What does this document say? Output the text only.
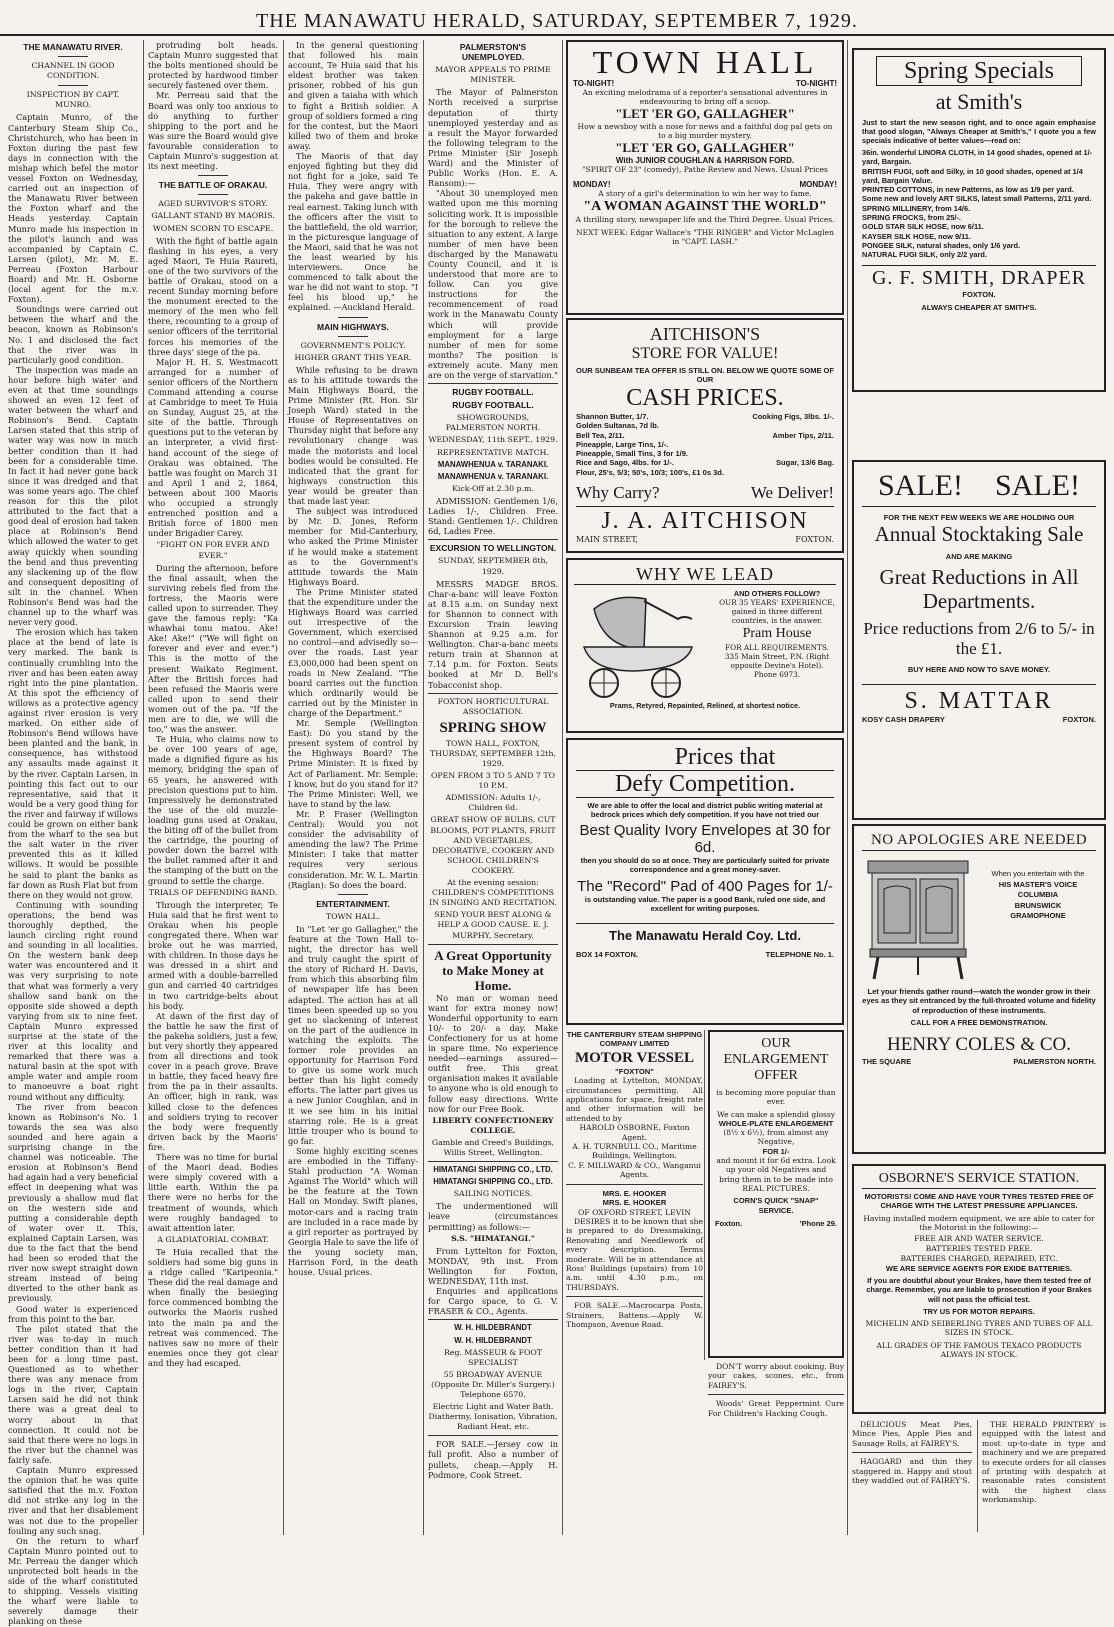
THE MANAWATU HERALD, SATURDAY, SEPTEMBER 7, 1929.
THE MANAWATU RIVER.
CHANNEL IN GOOD CONDITION.
INSPECTION BY CAPT. MUNRO.

Captain Munro, of the Canterbury Steam Ship Co., Christchurch, who has been in Foxton during the past few days in connection with the mishap which befel the motor vessel Foxton on Wednesday, carried out an inspection of the Manawatu River between the Foxton wharf and the Heads yesterday. Captain Munro made his inspection in the pilot's launch and was accompanied by Captain C. Larsen (pilot), Mr. M. E. Perreau (Foxton Harbour Board) and Mr. H. Osborne (local agent for the m.v. Foxton).

Soundings were carried out between the wharf and the beacon, known as Robinson's No. 1 and disclosed the fact that the river was in particularly good condition.

The inspection was made an hour before high water and even at that time soundings showed an even 12 feet of water between the wharf and Robinson's Bend. Captain Larsen stated that this strip of water way was now in much better condition than it had been for a considerable time. In fact it had never gone back since it was dredged and that was some years ago. The chief reason for this the pilot attributed to the fact that a good deal of erosion had taken place at Robinson's Bend which allowed the water to get away quickly when sounding the bend and thus preventing any slackening up of the flow and consequent depositing of silt in the channel. When Robinson's Bend was had the channel up to the wharf was never very good.

The erosion which has taken place at the bend of late is very marked. The bank is continually crumbling into the river and has been eaten away right into the pine plantation. At this spot the efficiency of willows as a protective agency against river erosion is very marked. On either side of Robinson's Bend willows have been planted and the bank, in consequence, has withstood any assaults made against it by the river. Captain Larsen, in pointing this fact out to our representative, said that it would be a very good thing for the river and fairway if willows could be grown on either bank from the wharf to the sea but the salt water in the river prevented this as it killed willows. It would be possible he said to plant the banks as far down as Rush Flat but from there on they would not grow.

Continuing with sounding operations, the bend was thoroughly depthed, the launch circling right round and sounding in all localities. On the western bank deep water was encountered and it was very surprising to note that what was formerly a very shallow sand bank on the opposite side showed a depth varying from six to nine feet. Captain Munro expressed surprise at the state of the river at this locality and remarked that there was a natural basin at the spot with ample water and ample room to manoeuvre a boat right round without any difficulty.

The river from beacon known as Robinson's No. 1 towards the sea was also sounded and here again a surprising change in the channel was noticeable. The erosion at Robinson's Bend had again had a very beneficial effect in deepening what was previously a shallow mud flat on the western side and putting a considerable depth of water over it. This, explained Captain Larsen, was due to the fact that the bend had been so eroded that the river now swept straight down stream instead of being diverted to the other bank as previously.

Good water is experienced from this point to the bar.

The pilot stated that the river was to-day in much better condition than it had been for a long time past. Questioned as to whether there was any menace from logs in the river, Captain Larsen said he did not think there was a great deal to worry about in that connection. It could not be said that there were no logs in the river but the channel was fairly safe.

Captain Munro expressed the opinion that he was quite satisfied that the m.v. Foxton did not strike any log in the river and that her disablement was not due to the propeller fouling any such snag.

On the return to wharf Captain Munro pointed out to Mr. Perreau the danger which unprotected bolt heads in the side of the wharf constituted to shipping. Vessels visiting the wharf were liable to severely damage their planking on these

protruding bolt heads. Captain Munro suggested that the bolts mentioned should be protected by hardwood timber securely fastened over them.

Mr. Perreau said that the Board was only too anxious to do anything to further shipping to the port and he was sure the Board would give favourable consideration to Captain Munro's suggestion at its next meeting.

THE BATTLE OF ORAKAU.
AGED SURVIVOR'S STORY.
GALLANT STAND BY MAORIS.
WOMEN SCORN TO ESCAPE.

With the fight of battle again flashing in his eyes, a very aged Maori, Te Huia Raureti, one of the two survivors of the battle of Orakau, stood on a recent Sunday morning before the monument erected to the memory of the men who fell there, recounting to a group of senior officers of the territorial forces his memories of the three days' siege of the pa.

Major H. H. S. Westmacott arranged for a number of senior officers of the Northern Command attending a course at Cambridge to meet Te Huia on Sunday, August 25, at the site of the battle. Through questions put to the veteran by an interpreter, a vivid first-hand account of the siege of Orakau was obtained. The battle was fought on March 31 and April 1 and 2, 1864, between about 300 Maoris who occupied a strongly entrenched position and a British force of 1800 men under Brigadier Carey.

"FIGHT ON FOR EVER AND EVER."

During the afternoon, before the final assault, when the surviving rebels fled from the fortress, the Maoris were called upon to surrender. They gave the famous reply: "Ka whawhai tonu matou. Ake! Ake! Ake!" ("We will fight on forever and ever and ever.") This is the motto of the present Waikato Regiment. After the British forces had been refused the Maoris were called upon to send their women out of the pa. "If the men are to die, we will die too," was the answer.

Te Huia, who claims now to be over 100 years of age, made a dignified figure as his memory, bridging the span of 65 years, he answered with precision questions put to him. Impressively he demonstrated the use of the old muzzle-loading guns used at Orakau, the biting off of the bullet from the cartridge, the pouring of powder down the barrel with the bullet rammed after it and the stamping of the butt on the ground to settle the charge.

TRIALS OF DEFENDING BAND.

Through the interpreter, Te Huia said that he first went to Orakau when his people congregated there. When war broke out he was married, with children. In those days he was dressed in a shirt and armed with a double-barrelled gun and carried 40 cartridges in two cartridge-belts about his body.

At dawn of the first day of the battle he saw the first of the pakeha soldiers, just a few, but very shortly they appeared from all directions and took cover in a peach grove. Brave in battle, they faced heavy fire from the pa in their assaults. An officer, high in rank, was killed close to the defences and soldiers trying to recover the body were frequently driven back by the Maoris' fire.

There was no time for burial of the Maori dead. Bodies were simply covered with a little earth. Within the pa there were no herbs for the treatment of wounds, which were roughly bandaged to await attention later.

A GLADIATORIAL COMBAT.

Te Huia recalled that the soldiers had some big guns in a ridge called "Karipeonia." These did the real damage and when finally the besieging force commenced bombing the outworks the Maoris rushed into the main pa and the retreat was commenced. The natives saw no more of their enemies once they got clear and they had escaped.

In the general questioning that followed his main account, Te Huia said that his eldest brother was taken prisoner, robbed of his gun and given a taiaha with which to fight a British soldier. A group of soldiers formed a ring for the contest, but the Maori killed two of them and broke away.

The Maoris of that day enjoyed fighting but they did not fight for a joke, said Te Huia. They were angry with the pakeha and gave battle in real earnest. Taking lunch with the officers after the visit to the battlefield, the old warrior, in the picturesque language of the Maori, said that he was not the least wearied by his interviewers. Once he commenced to talk about the war he did not want to stop. "I feel his blood up," he explained. —Auckland Herald.

MAIN HIGHWAYS.
GOVERNMENT'S POLICY.
HIGHER GRANT THIS YEAR.

While refusing to be drawn as to his attitude towards the Main Highways Board, the Prime Minister (Rt. Hon. Sir Joseph Ward) stated in the House of Representatives on Thursday night that before any revolutionary change was made the motorists and local bodies would be consulted. He indicated that the grant for highways construction this year would be greater than that made last year.

The subject was introduced by Mr. D. Jones, Reform member for Mid-Canterbury, who asked the Prime Minister if he would make a statement as to the Government's attitude towards the Main Highways Board.

The Prime Minister stated that the expenditure under the Highways Board was carried out irrespective of the Government, which exercised no control—and advisedly so—over the roads. Last year £3,000,000 had been spent on roads in New Zealand. "The board carries out the function which ordinarily would be carried out by the Minister in charge of the Department."

Mr. Semple (Wellington East): Do you stand by the present system of control by the Highways Board? The Prime Minister: It is fixed by Act of Parliament. Mr. Semple: I know, but do you stand for it? The Prime Minister: Well, we have to stand by the law.

Mr. P. Fraser (Wellington Central): Would you not consider the advisability of amending the law? The Prime Minister: I take that matter requires very serious consideration. Mr. W. L. Martin (Raglan): So does the board.

ENTERTAINMENT.
TOWN HALL.

In "Let 'er go Gallagher," the feature at the Town Hall to-night, the director has well and truly caught the spirit of the story of Richard H. Davis, from which this absorbing film of newspaper life has been adapted. The action has at all times been speeded up so you get no slackening of interest on the part of the audience in watching the exploits. The former role provides an opportunity for Harrison Ford to give us some work much better than his light comedy efforts. The latter part gives us a new Junior Coughlan, and in it we see him in his initial starring role. He is a great little trouper who is bound to go far.

Some highly exciting scenes are embodied in the Tiffany-Stahl production "A Woman Against The World" which will be the feature at the Town Hall on Monday. Swift planes, motor-cars and a racing train are included in a race made by a girl reporter as portrayed by Georgia Hale to save the life of the young society man, Harrison Ford, in the death house. Usual prices.

PALMERSTON'S UNEMPLOYED.
MAYOR APPEALS TO PRIME MINISTER.

The Mayor of Palmerston North received a surprise deputation of thirty unemployed yesterday and as a result the Mayor forwarded the following telegram to the Prime Minister (Sir Joseph Ward) and the Minister of Public Works (Hon. E. A. Ransom):—

"About 30 unemployed men waited upon me this morning soliciting work. It is impossible for the borough to relieve the situation to any extent. A large number of men have been discharged by the Manawatu County Council, and it is understood that more are to follow. Can you give instructions for the recommencement of road work in the Manawatu County which will provide employment for a large number of men for some months? The position is extremely acute. Many men are on the verge of starvation."

RUGBY FOOTBALL.
RUGBY FOOTBALL.
SHOWGROUNDS, PALMERSTON NORTH.
WEDNESDAY, 11th SEPT., 1929.
REPRESENTATIVE MATCH.
MANAWHENUA v. TARANAKI.
MANAWHENUA v. TARANAKI.
Kick-Off at 2.30 p.m.

ADMISSION: Gentlemen 1/6, Ladies 1/-, Children Free. Stand: Gentlemen 1/-. Children 6d, Ladies Free.

EXCURSION TO WELLINGTON.
SUNDAY, SEPTEMBER 8th, 1929.

MESSRS MADGE BROS. Char-a-banc will leave Foxton at 8.15 a.m. on Sunday next for Shannon to connect with Excursion Train leaving Shannon at 9.25 a.m. for Wellington. Char-a-banc meets return train at Shannon at 7.14 p.m. for Foxton. Seats booked at Mr D. Bell's Tobacconist shop.

FOXTON HORTICULTURAL ASSOCIATION.
SPRING SHOW
TOWN HALL, FOXTON, THURSDAY, SEPTEMBER 12th, 1929.
OPEN FROM 3 TO 5 AND 7 TO 10 P.M.
ADMISSION: Adults 1/-, Children 6d.
GREAT SHOW OF BULBS, CUT BLOOMS, POT PLANTS, FRUIT AND VEGETABLES, DECORATIVE, COOKERY AND SCHOOL CHILDREN'S COOKERY.
At the evening session: CHILDREN'S COMPETITIONS IN SINGING AND RECITATION.
SEND YOUR BEST ALONG & HELP A GOOD CAUSE. E. J. MURPHY, Secretary.
A Great Opportunity to Make Money at Home.

No man or woman need want for extra money now! Wonderful opportunity to earn 10/- to 20/- a day. Make Confectionery for us at home in spare time. No experience needed—earnings assured—outfit free. This great organisation makes it available to anyone who is old enough to follow easy directions. Write now for our Free Book.

LIBERTY CONFECTIONERY COLLEGE.
Gamble and Creed's Buildings, Willis Street, Wellington.
HIMATANGI SHIPPING CO., LTD.
HIMATANGI SHIPPING CO., LTD.
SAILING NOTICES.

The undermentioned will leave (circumstances permitting) as follows:—

S.S. "HIMATANGI."

From Lyttelton for Foxton, MONDAY, 9th inst. From Wellington for Foxton, WEDNESDAY, 11th inst.

Enquiries and applications for Cargo space, to G. V. FRASER & CO., Agents.

W. H. HILDEBRANDT
W. H. HILDEBRANDT
Reg. MASSEUR & FOOT SPECIALIST
55 BROADWAY AVENUE (Opposite Dr. Miller's Surgery.) Telephone 6570.
Electric Light and Water Bath. Diathermy, Ionisation, Vibration, Radiant Heat, etc.

FOR SALE.—Jersey cow in full profit. Also a number of pullets, cheap.—Apply H. Podmore, Cook Street.

TOWN HALL
TO-NIGHT!	TO-NIGHT!
An exciting melodrama of a reporter's sensational adventures in endeavouring to bring off a scoop.
"LET 'ER GO, GALLAGHER"
How a newsboy with a nose for news and a faithful dog pal gets on to a big murder mystery.
"LET 'ER GO, GALLAGHER"
With JUNIOR COUGHLAN & HARRISON FORD.
"SPIRIT OF 23" (comedy), Pathe Review and News. Usual Prices
MONDAY!	MONDAY!
A story of a girl's determination to win her way to fame.
"A WOMAN AGAINST THE WORLD"
A thrilling story, newspaper life and the Third Degree. Usual Prices.
NEXT WEEK: Edgar Wallace's "THE RINGER" and Victor McLaglen in "CAPT. LASH."
AITCHISON'S
STORE FOR VALUE!
OUR SUNBEAM TEA OFFER IS STILL ON. BELOW WE QUOTE SOME OF OUR
CASH PRICES.
Shannon Butter, 1/7.	Cooking Figs, 3lbs. 1/-.
Golden Sultanas, 7d lb.
Bell Tea, 2/11.	Amber Tips, 2/11.
Pineapple, Large Tins, 1/-.
Pineapple, Small Tins, 3 for 1/9.
Rice and Sago, 4lbs. for 1/-.	Sugar, 13/6 Bag.
Flour, 25's, 5/3; 50's, 10/3; 100's, £1 0s 3d.
Why Carry?	We Deliver!
J. A. AITCHISON
MAIN STREET,	FOXTON.
WHY WE LEAD
AND OTHERS FOLLOW?
OUR 35 YEARS' EXPERIENCE, gained in three different countries, is the answer.
Pram House
FOR ALL REQUIREMENTS.
335 Main Street, P.N. (Right opposite Devine's Hotel). Phone 6973.
Prams, Retyred, Repainted, Relined, at shortest notice.
Prices that
Defy Competition.
We are able to offer the local and district public writing material at bedrock prices which defy competition. If you have not tried our
Best Quality Ivory Envelopes at 30 for 6d.
then you should do so at once. They are particularly suited for private correspondence and a great money-saver.
The "Record" Pad of 400 Pages for 1/-
is outstanding value. The paper is a good Bank, ruled one side, and excellent for writing purposes.
The Manawatu Herald Coy. Ltd.
BOX 14 FOXTON.	TELEPHONE No. 1.
THE CANTERBURY STEAM SHIPPING COMPANY LIMITED
MOTOR VESSEL
"FOXTON"

Loading at Lyttelton, MONDAY, circumstances permitting. All applications for space, freight rate and other information will be attended to by

HAROLD OSBORNE, Foxton Agent.
A. H. TURNBULL CO., Maritime Buildings, Wellington.
C. F. MILLWARD & CO., Wanganui Agents.
MRS. E. HOOKER
MRS. E. HOOKER
OF OXFORD STREET, LEVIN

DESIRES it to be known that she is prepared to do Dressmaking, Renovating and Needlework of every description. Terms moderate. Will be in attendance at Ross' Buildings (upstairs) from 10 a.m. until 4.30 p.m., on THURSDAYS.

FOR SALE.—Macrocarpa Posts, Strainers, Battens.—Apply W. Thompson, Avenue Road.

OUR
ENLARGEMENT
OFFER
is becoming more popular than ever.
We can make a splendid glossy
WHOLE-PLATE ENLARGEMENT
(8½ x 6½), from almost any Negative,
FOR 1/-
and mount it for 6d extra. Look up your old Negatives and bring them in to be made into REAL PICTURES.
CORN'S QUICK "SNAP" SERVICE.
Foxton.	'Phone 29.

DON'T worry about cooking. Buy your cakes, scones, etc., from FAIREY'S.

Woods' Great Peppermint Cure For Children's Hacking Cough.

Spring Specials
at Smith's
Just to start the new season right, and to once again emphasise that good slogan, "Always Cheaper at Smith's," I quote you a few specials indicative of better values—read on:
36in. wonderful LINORA CLOTH, in 14 good shades, opened at 1/- yard, Bargain.
BRITISH FUGI, soft and Silky, in 10 good shades, opened at 1/4 yard, Bargain Value.
PRINTED COTTONS, in new Patterns, as low as 1/9 per yard.
Some new and lovely ART SILKS, latest small Patterns, 2/11 yard.
SPRING MILLINERY, from 14/6.
SPRING FROCKS, from 25/-.
GOLD STAR SILK HOSE, now 6/11.
KAYSER SILK HOSE, now 9/11.
PONGEE SILK, natural shades, only 1/6 yard.
NATURAL FUGI SILK, only 2/2 yard.
G. F. SMITH, DRAPER
FOXTON.
ALWAYS CHEAPER AT SMITH'S.
SALE! SALE!
FOR THE NEXT FEW WEEKS WE ARE HOLDING OUR
Annual Stocktaking Sale
AND ARE MAKING
Great Reductions in All Departments.
Price reductions from 2/6 to 5/- in the £1.
BUY HERE AND NOW TO SAVE MONEY.
S. MATTAR
KOSY CASH DRAPERY	FOXTON.
NO APOLOGIES ARE NEEDED
When you entertain with the
HIS MASTER'S VOICE
COLUMBIA
BRUNSWICK
GRAMOPHONE
Let your friends gather round—watch the wonder grow in their eyes as they sit entranced by the full-throated volume and fidelity of reproduction of these instruments.
CALL FOR A FREE DEMONSTRATION.
HENRY COLES & CO.
THE SQUARE	PALMERSTON NORTH.
OSBORNE'S SERVICE STATION.
MOTORISTS! COME AND HAVE YOUR TYRES TESTED FREE OF CHARGE WITH THE LATEST PRESSURE APPLIANCES.
Having installed modern equipment, we are able to cater for the Motorist in the following:—
FREE AIR AND WATER SERVICE.
BATTERIES TESTED FREE.
BATTERIES CHARGED, REPAIRED, ETC.
WE ARE SERVICE AGENTS FOR EXIDE BATTERIES.
If you are doubtful about your Brakes, have them tested free of charge. Remember, you are liable to prosecution if your Brakes will not pass the official test.
TRY US FOR MOTOR REPAIRS.
MICHELIN AND SEIBERLING TYRES AND TUBES OF ALL SIZES IN STOCK.
ALL GRADES OF THE FAMOUS TEXACO PRODUCTS ALWAYS IN STOCK.

DELICIOUS Meat Pies, Mince Pies, Apple Pies and Sausage Rolls, at FAIREY'S.

HAGGARD and thin they staggered in. Happy and stout they waddled out of FAIREY'S.

THE HERALD PRINTERY is equipped with the latest and most up-to-date in type and machinery and we are prepared to execute orders for all classes of printing with despatch at reasonable rates consistent with the highest class workmanship.
